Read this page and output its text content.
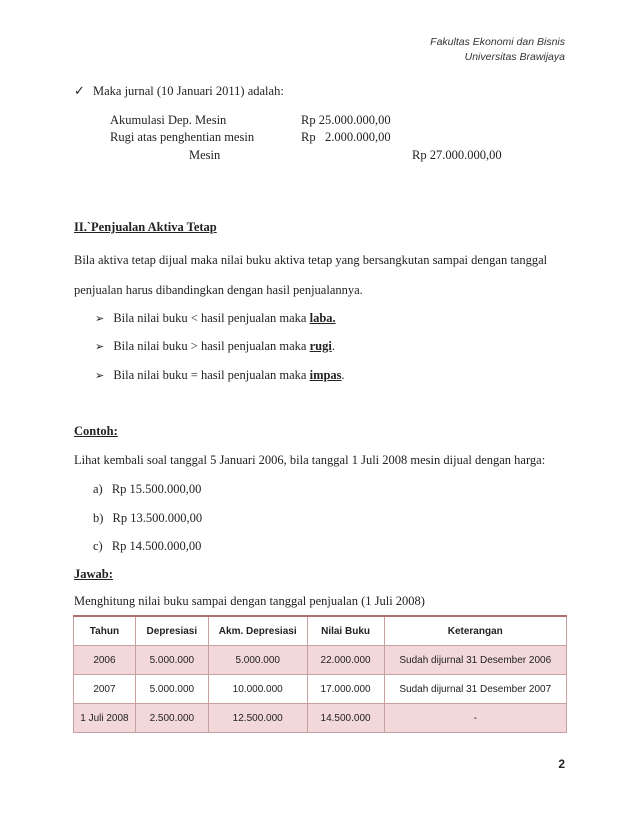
Fakultas Ekonomi dan Bisnis
Universitas Brawijaya
✓ Maka jurnal (10 Januari 2011) adalah:
Akumulasi Dep. Mesin	Rp 25.000.000,00
Rugi atas penghentian mesin	Rp   2.000.000,00
Mesin	Rp 27.000.000,00
II.`Penjualan Aktiva Tetap
Bila aktiva tetap dijual maka nilai buku aktiva tetap yang bersangkutan sampai dengan tanggal
penjualan harus dibandingkan dengan hasil penjualannya.
➢ Bila nilai buku < hasil penjualan maka laba.
➢ Bila nilai buku > hasil penjualan maka rugi.
➢ Bila nilai buku = hasil penjualan maka impas.
Contoh:
Lihat kembali soal tanggal 5 Januari 2006, bila tanggal 1 Juli 2008 mesin dijual dengan harga:
a) Rp 15.500.000,00
b) Rp 13.500.000,00
c) Rp 14.500.000,00
Jawab:
Menghitung nilai buku sampai dengan tanggal penjualan (1 Juli 2008)
Tahun	Depresiasi	Akm. Depresiasi	Nilai Buku	Keterangan
2006	5.000.000	5.000.000	22.000.000	Sudah dijurnal 31 Desember 2006
2007	5.000.000	10.000.000	17.000.000	Sudah dijurnal 31 Desember 2007
1 Juli 2008	2.500.000	12.500.000	14.500.000	-
2
